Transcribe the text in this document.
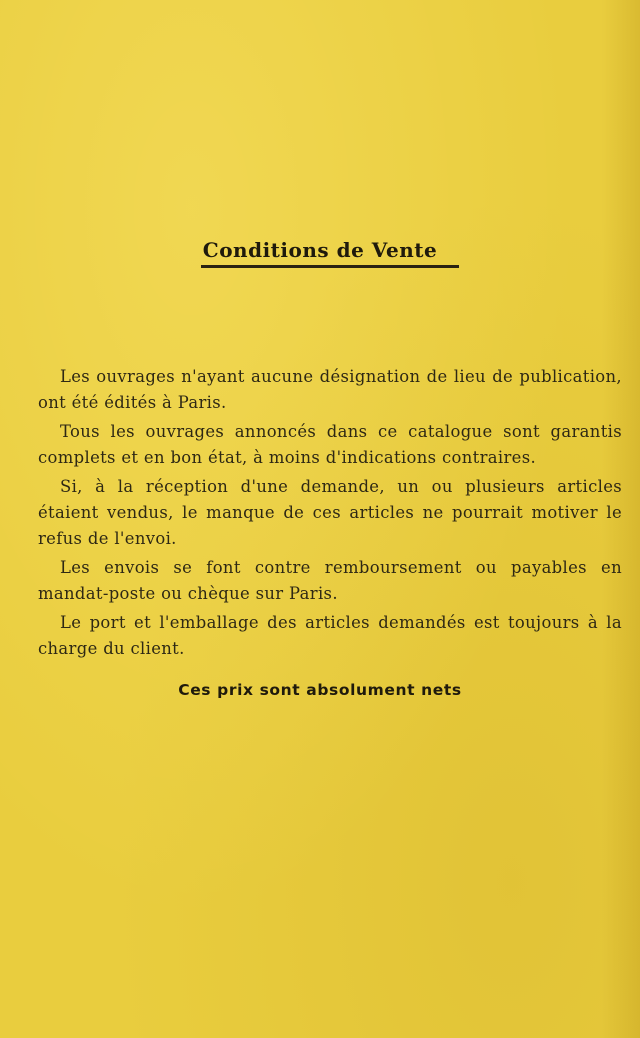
Conditions de Vente

Les ouvrages n'ayant aucune désignation de lieu de publication, ont été édités à Paris.

Tous les ouvrages annoncés dans ce catalogue sont garantis complets et en bon état, à moins d'indications contraires.

Si, à la réception d'une demande, un ou plusieurs articles étaient vendus, le manque de ces articles ne pourrait motiver le refus de l'envoi.

Les envois se font contre remboursement ou payables en mandat-poste ou chèque sur Paris.

Le port et l'emballage des articles demandés est toujours à la charge du client.

Ces prix sont absolument nets
